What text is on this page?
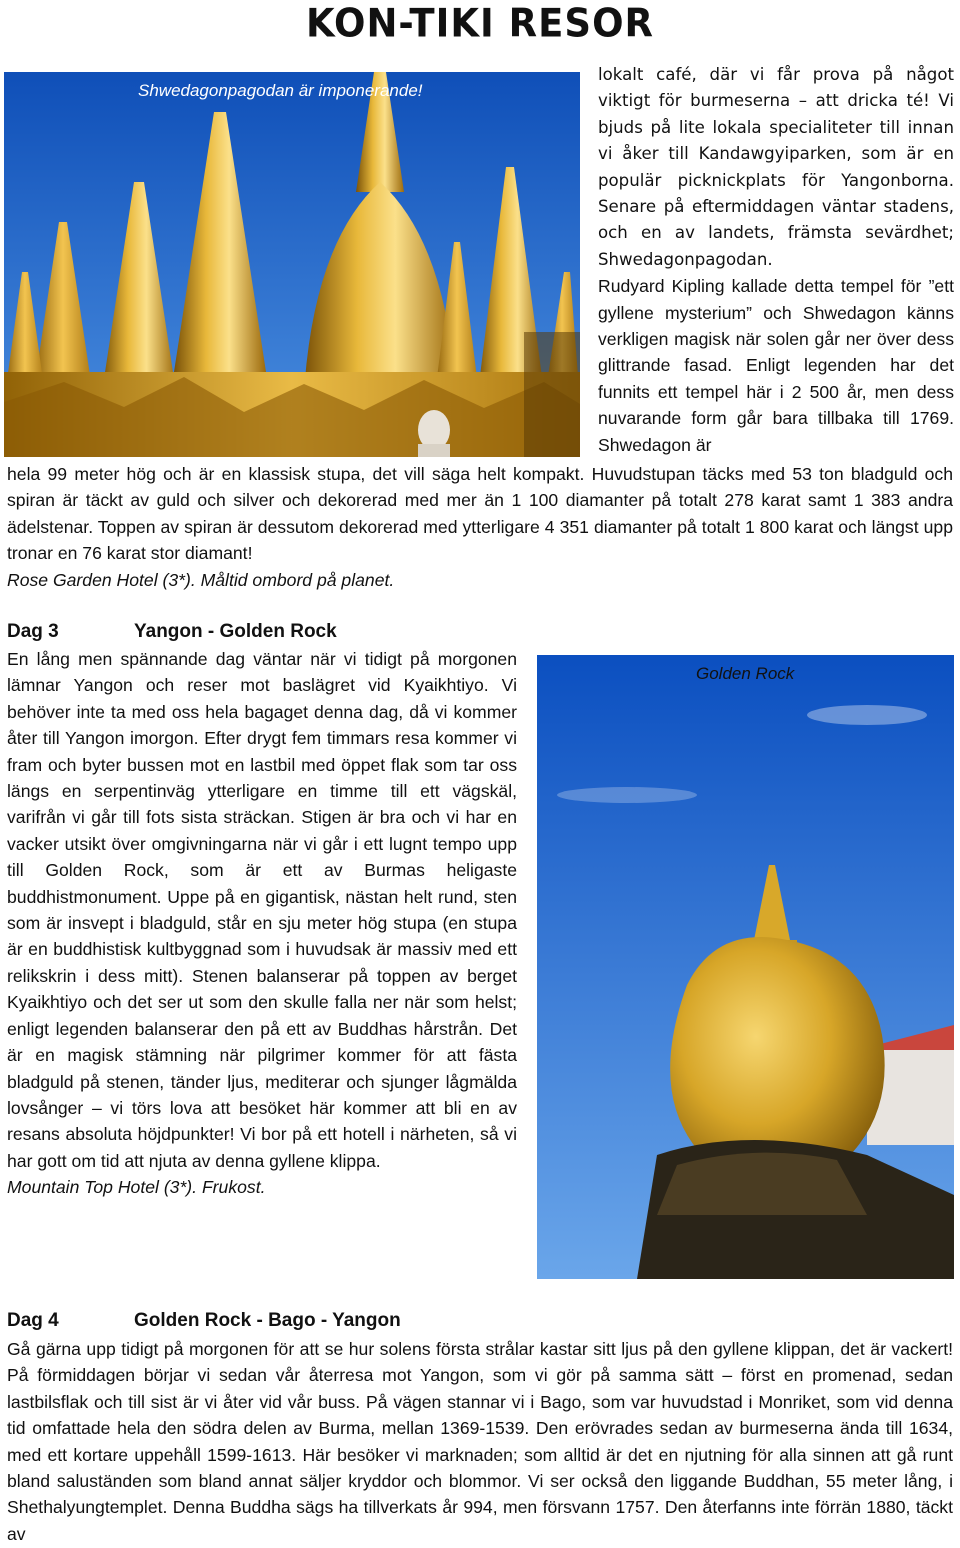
KON-TIKI RESOR
Shwedagonpagodan är imponerande!

lokalt café, där vi får prova på något viktigt för burmeserna – att dricka té! Vi bjuds på lite lokala specialiteter till innan vi åker till Kandawgyiparken, som är en populär picknickplats för Yangonborna. Senare på eftermiddagen väntar stadens, och en av landets, främsta sevärdhet; Shwedagonpagodan.

Rudyard Kipling kallade detta tempel för ”ett gyllene mysterium” och Shwedagon känns verkligen magisk när solen går ner över dess glittrande fasad. Enligt legenden har det funnits ett tempel här i 2 500 år, men dess nuvarande form går bara tillbaka till 1769. Shwedagon är

hela 99 meter hög och är en klassisk stupa, det vill säga helt kompakt. Huvudstupan täcks med 53 ton bladguld och spiran är täckt av guld och silver och dekorerad med mer än 1 100 diamanter på totalt 278 karat samt 1 383 andra ädelstenar. Toppen av spiran är dessutom dekorerad med ytterligare 4 351 diamanter på totalt 1 800 karat och längst upp tronar en 76 karat stor diamant!

Rose Garden Hotel (3*). Måltid ombord på planet.

Dag 3	Yangon - Golden Rock

En lång men spännande dag väntar när vi tidigt på morgonen lämnar Yangon och reser mot baslägret vid Kyaikhtiyo. Vi behöver inte ta med oss hela bagaget denna dag, då vi kommer åter till Yangon imorgon. Efter drygt fem timmars resa kommer vi fram och byter bussen mot en lastbil med öppet flak som tar oss längs en serpentinväg ytterligare en timme till ett vägskäl, varifrån vi går till fots sista sträckan. Stigen är bra och vi har en vacker utsikt över omgivningarna när vi går i ett lugnt tempo upp till Golden Rock, som är ett av Burmas heligaste buddhistmonument. Uppe på en gigantisk, nästan helt rund, sten som är insvept i bladguld, står en sju meter hög stupa (en stupa är en buddhistisk kultbyggnad som i huvudsak är massiv med ett relikskrin i dess mitt). Stenen balanserar på toppen av berget Kyaikhtiyo och det ser ut som den skulle falla ner när som helst; enligt legenden balanserar den på ett av Buddhas hårstrån. Det är en magisk stämning när pilgrimer kommer för att fästa bladguld på stenen, tänder ljus, mediterar och sjunger lågmälda lovsånger – vi törs lova att besöket här kommer att bli en av resans absoluta höjdpunkter! Vi bor på ett hotell i närheten, så vi har gott om tid att njuta av denna gyllene klippa.

Mountain Top Hotel (3*). Frukost.

Golden Rock
Dag 4	Golden Rock - Bago - Yangon

Gå gärna upp tidigt på morgonen för att se hur solens första strålar kastar sitt ljus på den gyllene klippan, det är vackert! På förmiddagen börjar vi sedan vår återresa mot Yangon, som vi gör på samma sätt – först en promenad, sedan lastbilsflak och till sist är vi åter vid vår buss. På vägen stannar vi i Bago, som var huvudstad i Monriket, som vid denna tid omfattade hela den södra delen av Burma, mellan 1369-1539. Den erövrades sedan av burmeserna ända till 1634, med ett kortare uppehåll 1599-1613. Här besöker vi marknaden; som alltid är det en njutning för alla sinnen att gå runt bland saluständen som bland annat säljer kryddor och blommor. Vi ser också den liggande Buddhan, 55 meter lång, i Shethalyungtemplet. Denna Buddha sägs ha tillverkats år 994, men försvann 1757. Den återfanns inte förrän 1880, täckt av
